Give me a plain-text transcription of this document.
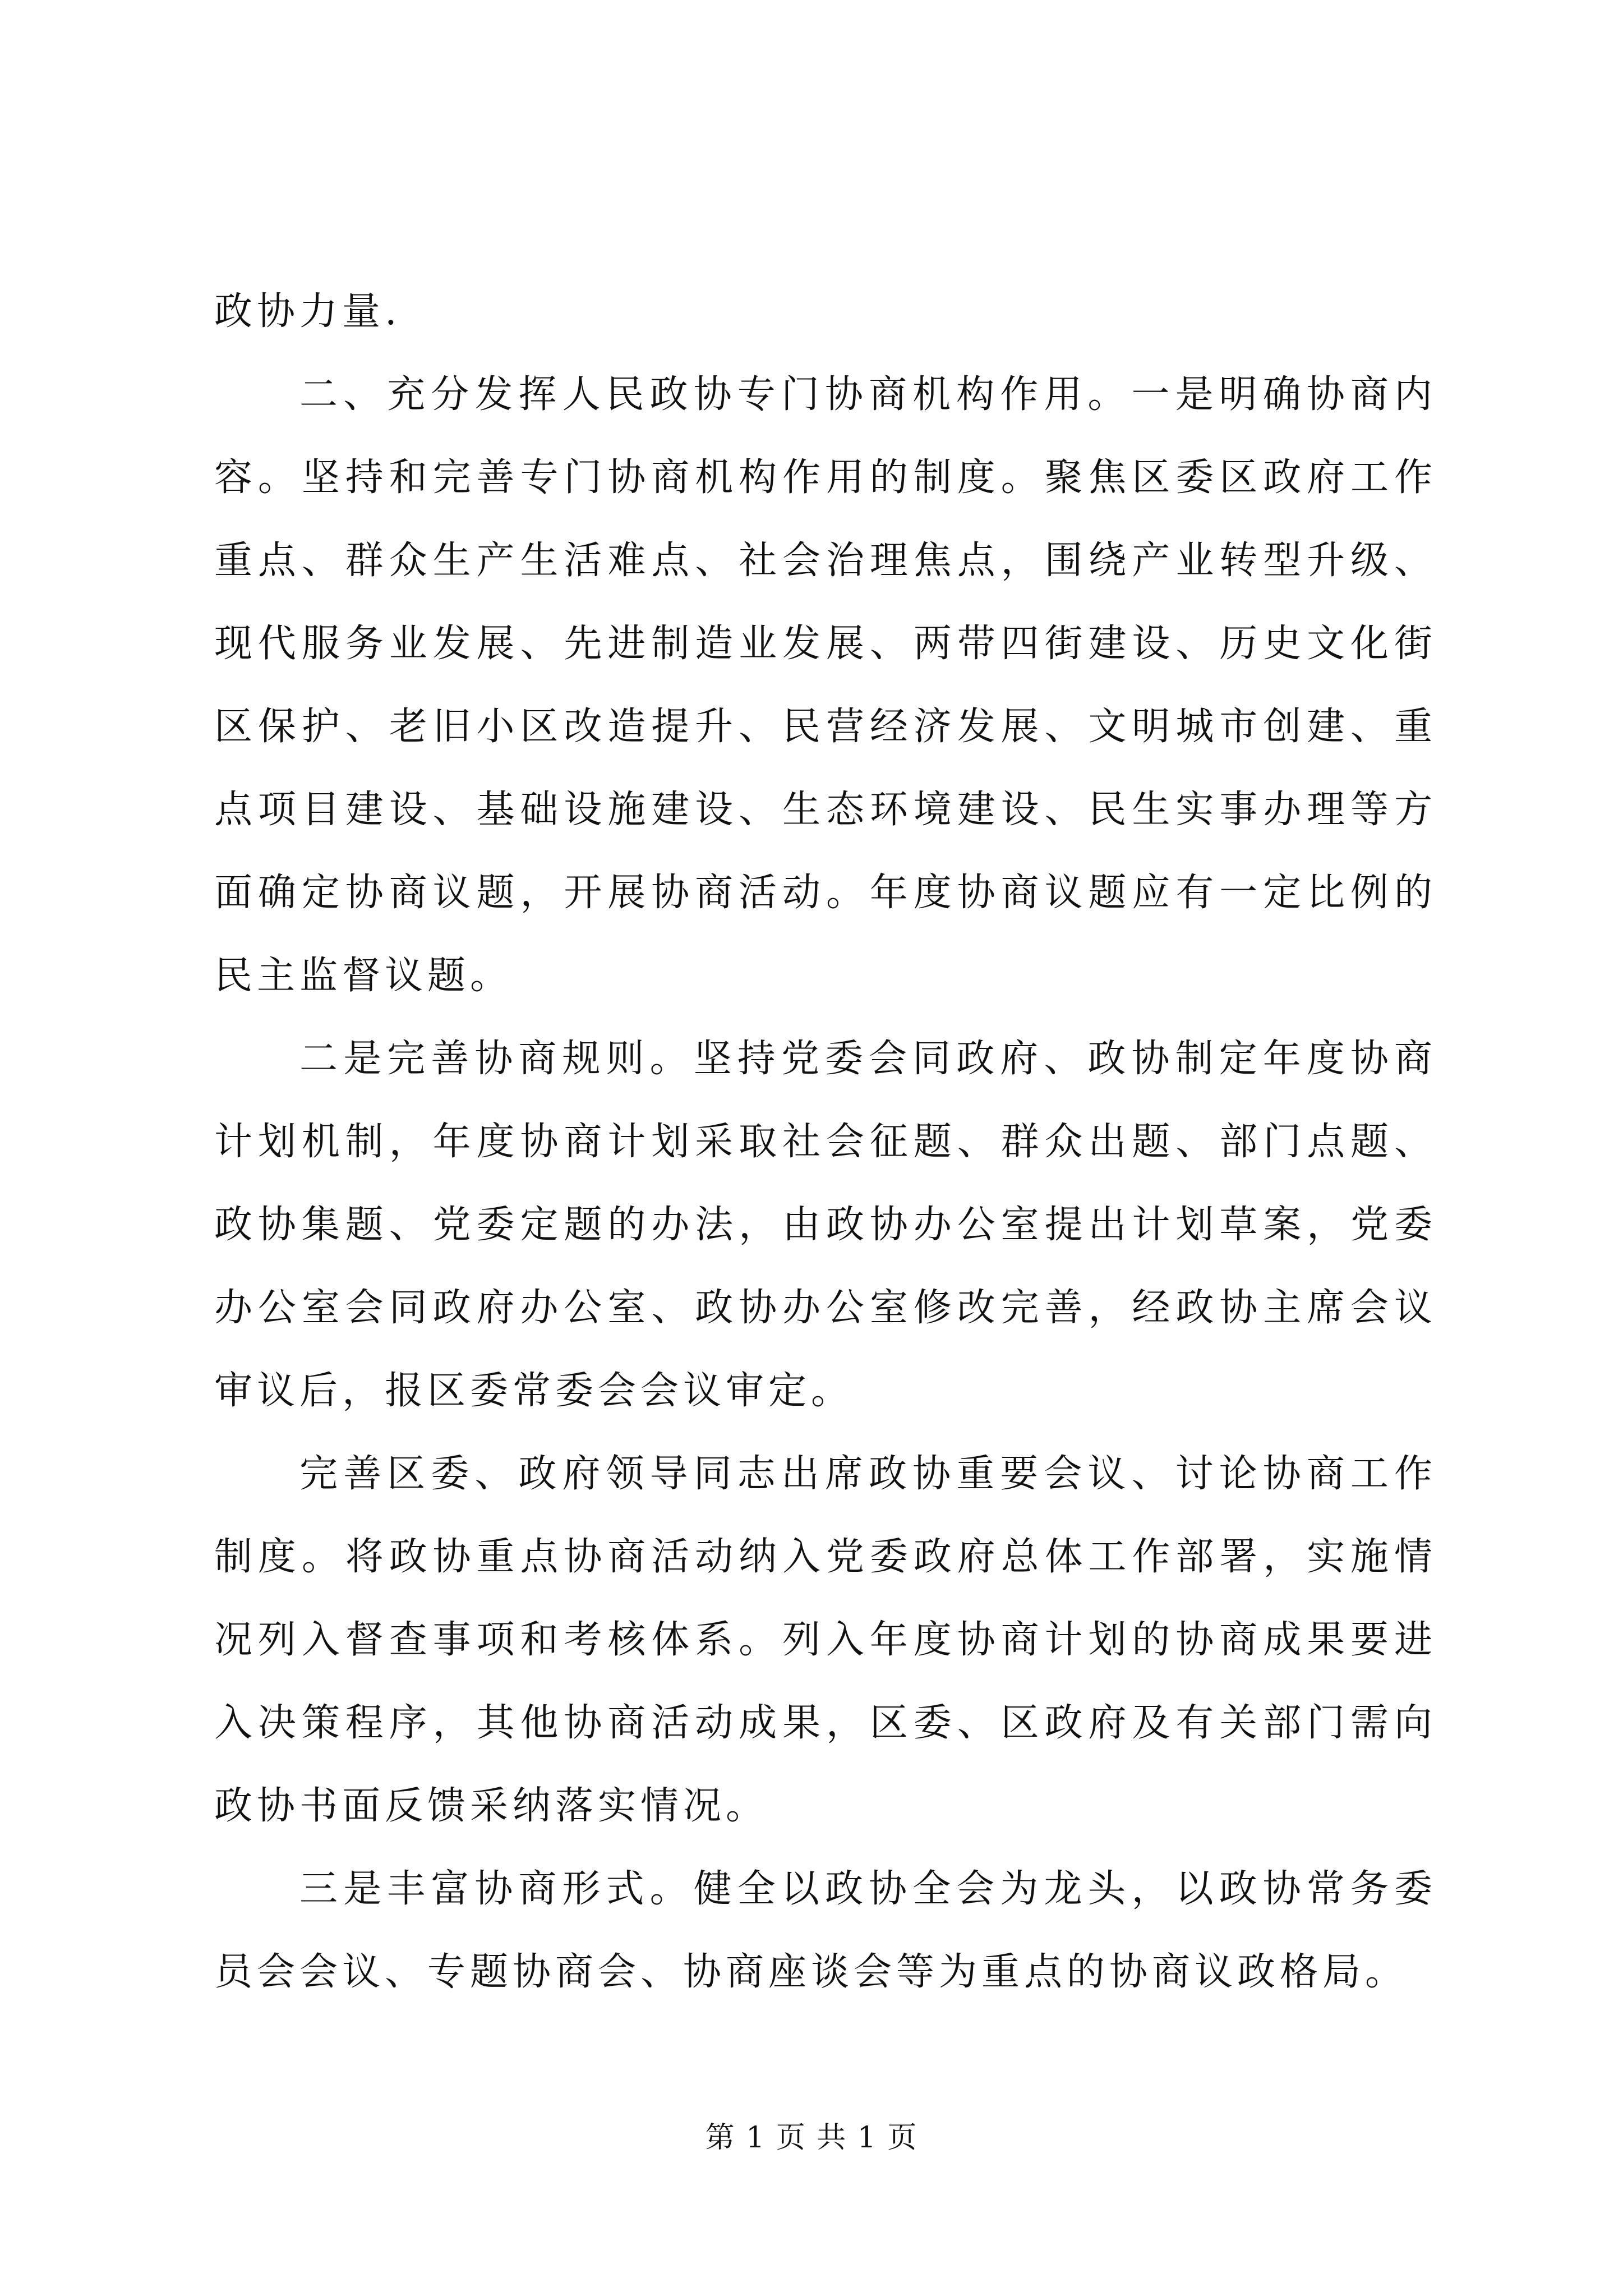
政协力量.

二、充分发挥人民政协专门协商机构作用。一是明确协商内容。坚持和完善专门协商机构作用的制度。聚焦区委区政府工作重点、群众生产生活难点、社会治理焦点，围绕产业转型升级、现代服务业发展、先进制造业发展、两带四街建设、历史文化街区保护、老旧小区改造提升、民营经济发展、文明城市创建、重点项目建设、基础设施建设、生态环境建设、民生实事办理等方面确定协商议题，开展协商活动。年度协商议题应有一定比例的民主监督议题。

二是完善协商规则。坚持党委会同政府、政协制定年度协商计划机制，年度协商计划采取社会征题、群众出题、部门点题、政协集题、党委定题的办法，由政协办公室提出计划草案，党委办公室会同政府办公室、政协办公室修改完善，经政协主席会议审议后，报区委常委会会议审定。

完善区委、政府领导同志出席政协重要会议、讨论协商工作制度。将政协重点协商活动纳入党委政府总体工作部署，实施情况列入督查事项和考核体系。列入年度协商计划的协商成果要进入决策程序，其他协商活动成果，区委、区政府及有关部门需向政协书面反馈采纳落实情况。

三是丰富协商形式。健全以政协全会为龙头，以政协常务委员会会议、专题协商会、协商座谈会等为重点的协商议政格局。

第 1 页 共 1 页
